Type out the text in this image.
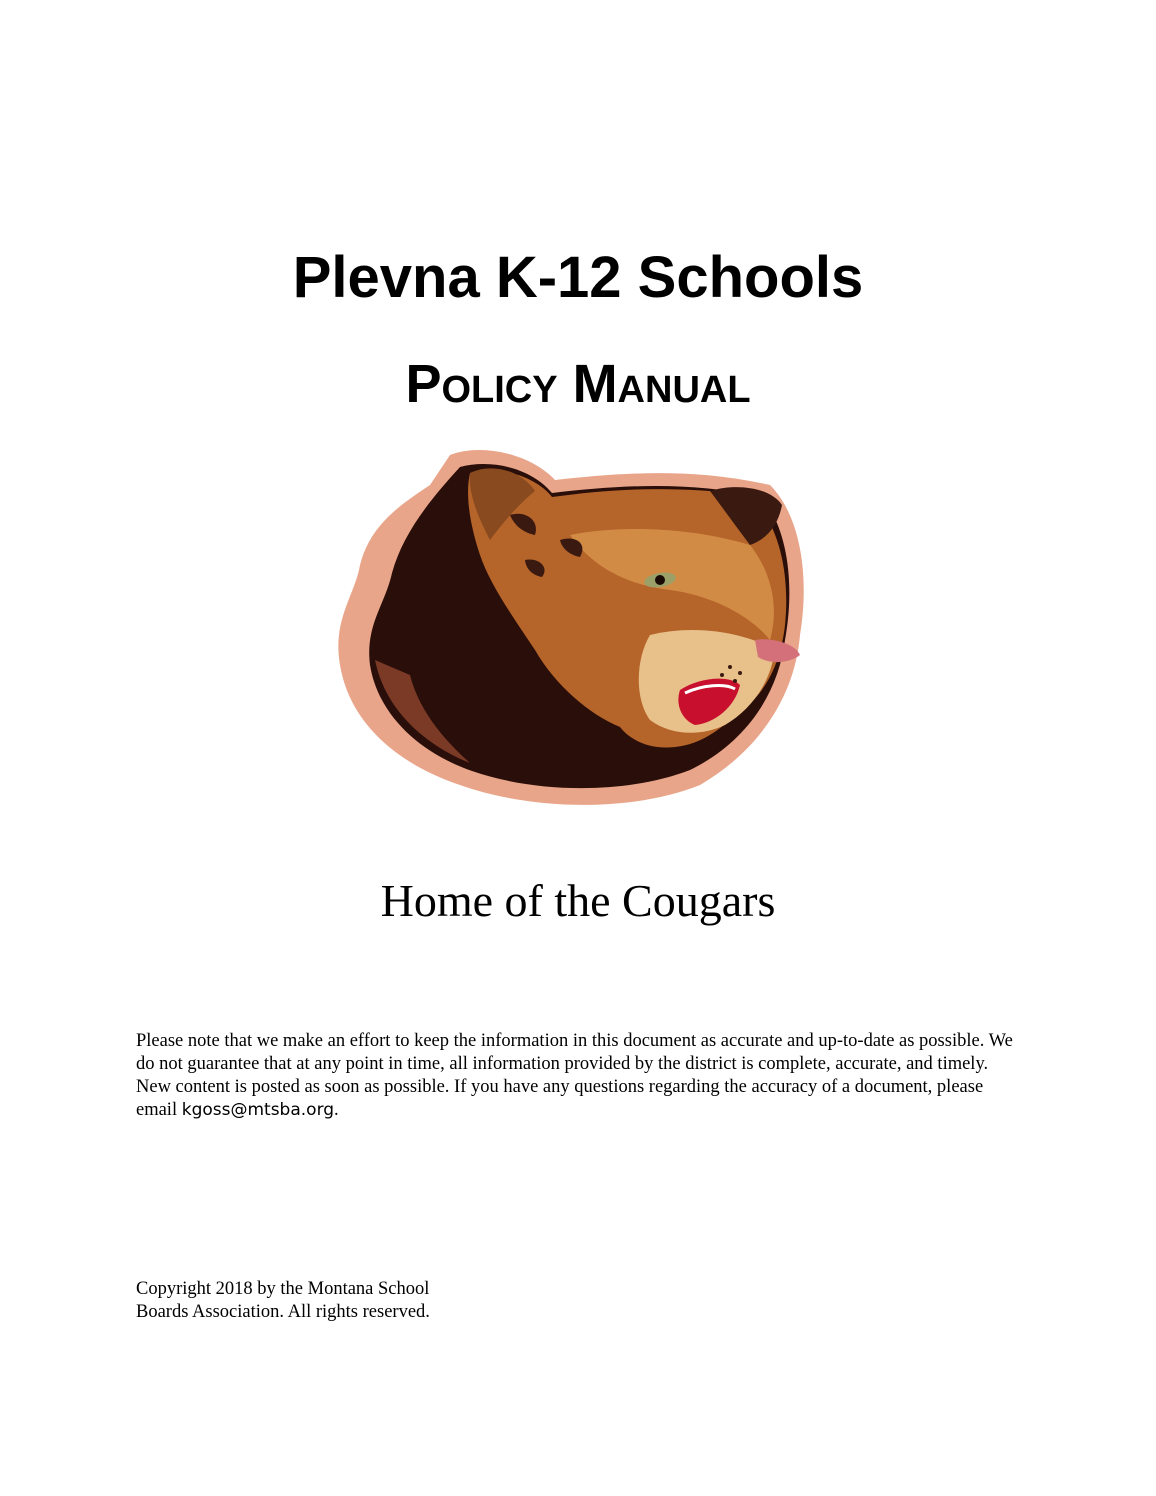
Plevna K-12 Schools
Policy Manual

Home of the Cougars

Please note that we make an effort to keep the information in this document as accurate and up-to-date as possible. We do not guarantee that at any point in time, all information provided by the district is complete, accurate, and timely. New content is posted as soon as possible. If you have any questions regarding the accuracy of a document, please email kgoss@mtsba.org.

Copyright 2018 by the Montana School
Boards Association. All rights reserved.
